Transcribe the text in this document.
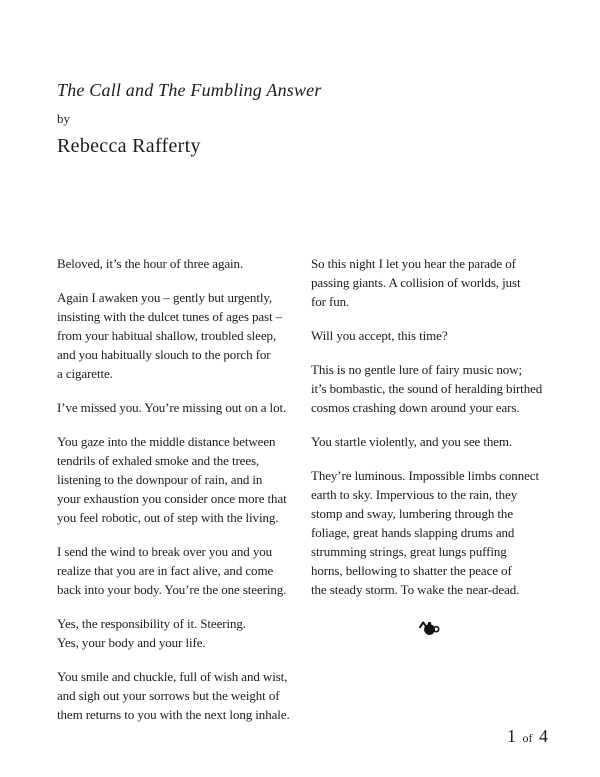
The Call and The Fumbling Answer
by
Rebecca Rafferty

Beloved, it’s the hour of three again.

Again I awaken you – gently but urgently,
insisting with the dulcet tunes of ages past –
from your habitual shallow, troubled sleep,
and you habitually slouch to the porch for
a cigarette.

I’ve missed you. You’re missing out on a lot.

You gaze into the middle distance between
tendrils of exhaled smoke and the trees,
listening to the downpour of rain, and in
your exhaustion you consider once more that
you feel robotic, out of step with the living.

I send the wind to break over you and you
realize that you are in fact alive, and come
back into your body. You’re the one steering.

Yes, the responsibility of it. Steering.
Yes, your body and your life.

You smile and chuckle, full of wish and wist,
and sigh out your sorrows but the weight of
them returns to you with the next long inhale.

So this night I let you hear the parade of
passing giants. A collision of worlds, just
for fun.

Will you accept, this time?

This is no gentle lure of fairy music now;
it’s bombastic, the sound of heralding birthed
cosmos crashing down around your ears.

You startle violently, and you see them.

They’re luminous. Impossible limbs connect
earth to sky. Impervious to the rain, they
stomp and sway, lumbering through the
foliage, great hands slapping drums and
strumming strings, great lungs puffing
horns, bellowing to shatter the peace of
the steady storm. To wake the near-dead.

1 of 4
